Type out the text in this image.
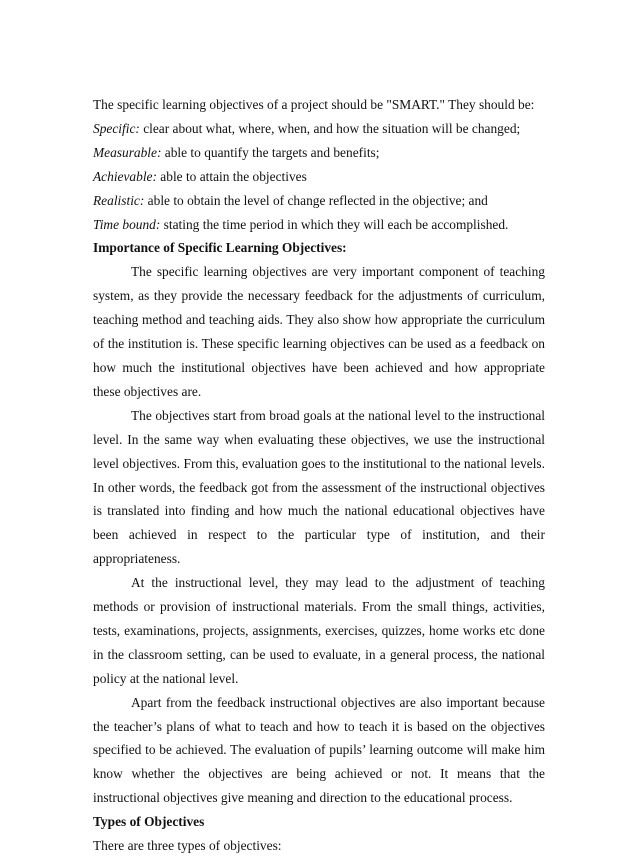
The specific learning objectives of a project should be "SMART." They should be:

Specific: clear about what, where, when, and how the situation will be changed;

Measurable: able to quantify the targets and benefits;

Achievable: able to attain the objectives

Realistic: able to obtain the level of change reflected in the objective; and

Time bound: stating the time period in which they will each be accomplished.

Importance of Specific Learning Objectives:

The specific learning objectives are very important component of teaching system, as they provide the necessary feedback for the adjustments of curriculum, teaching method and teaching aids. They also show how appropriate the curriculum of the institution is. These specific learning objectives can be used as a feedback on how much the institutional objectives have been achieved and how appropriate these objectives are.

The objectives start from broad goals at the national level to the instructional level. In the same way when evaluating these objectives, we use the instructional level objectives. From this, evaluation goes to the institutional to the national levels. In other words, the feedback got from the assessment of the instructional objectives is translated into finding and how much the national educational objectives have been achieved in respect to the particular type of institution, and their appropriateness.

At the instructional level, they may lead to the adjustment of teaching methods or provision of instructional materials. From the small things, activities, tests, examinations, projects, assignments, exercises, quizzes, home works etc done in the classroom setting, can be used to evaluate, in a general process, the national policy at the national level.

Apart from the feedback instructional objectives are also important because the teacher’s plans of what to teach and how to teach it is based on the objectives specified to be achieved. The evaluation of pupils’ learning outcome will make him know whether the objectives are being achieved or not. It means that the instructional objectives give meaning and direction to the educational process.

Types of Objectives

There are three types of objectives:
